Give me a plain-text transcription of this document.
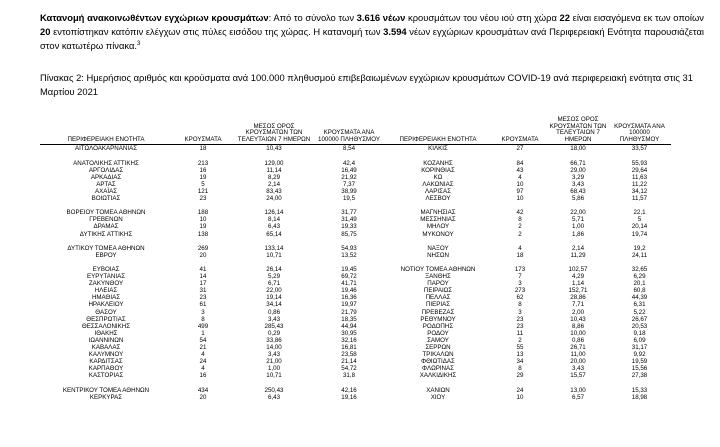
Κατανομή ανακοινωθέντων εγχώριων κρουσμάτων: Από το σύνολο των 3.616 νέων κρουσμάτων του νέου ιού στη χώρα 22 είναι εισαγόμενα εκ των οποίων 20 εντοπίστηκαν κατόπιν ελέγχων στις πύλες εισόδου της χώρας. Η κατανομή των 3.594 νέων εγχώριων κρουσμάτων ανά Περιφερειακή Ενότητα παρουσιάζεται στον κατωτέρω πίνακα.$^3$

Πίνακας 2: Ημερήσιος αριθμός και κρούσματα ανά 100.000 πληθυσμού επιβεβαιωμένων εγχώριων κρουσμάτων COVID-19 ανά περιφερειακή ενότητα στις 31 Μαρτίου 2021

ΠΕΡΙΦΕΡΕΙΑΚΗ ΕΝΟΤΗΤΑ	ΚΡΟΥΣΜΑΤΑ	ΜΕΣΟΣ ΟΡΟΣ ΚΡΟΥΣΜΑΤΩΝ ΤΩΝ ΤΕΛΕΥΤΑΙΩΝ 7 ΗΜΕΡΩΝ	ΚΡΟΥΣΜΑΤΑ ΑΝΑ 100000 ΠΛΗΘΥΣΜΟΥ	ΠΕΡΙΦΕΡΕΙΑΚΗ ΕΝΟΤΗΤΑ	ΚΡΟΥΣΜΑΤΑ	ΜΕΣΟΣ ΟΡΟΣ ΚΡΟΥΣΜΑΤΩΝ ΤΩΝ ΤΕΛΕΥΤΑΙΩΝ 7 ΗΜΕΡΩΝ	ΚΡΟΥΣΜΑΤΑ ΑΝΑ 100000 ΠΛΗΘΥΣΜΟΥ
ΑΙΤΩΛΟΑΚΑΡΝΑΝΙΑΣ	18	10,43	8,54	ΚΙΛΚΙΣ	27	18,00	33,57

ΑΝΑΤΟΛΙΚΗΣ ΑΤΤΙΚΗΣ	213	129,00	42,4	ΚΟΖΑΝΗΣ	84	66,71	55,93
ΑΡΓΟΛΙΔΑΣ	16	11,14	16,49	ΚΟΡΙΝΘΙΑΣ	43	29,00	29,64
ΑΡΚΑΔΙΑΣ	19	8,29	21,92	ΚΩ	4	3,29	11,63
ΑΡΤΑΣ	5	2,14	7,37	ΛΑΚΩΝΙΑΣ	10	3,43	11,22
ΑΧΑΪΑΣ	121	83,43	38,99	ΛΑΡΙΣΑΣ	97	68,43	34,12
ΒΟΙΩΤΙΑΣ	23	24,00	19,5	ΛΕΣΒΟΥ	10	5,86	11,57

ΒΟΡΕΙΟΥ ΤΟΜΕΑ ΑΘΗΝΩΝ	188	126,14	31,77	ΜΑΓΝΗΣΙΑΣ	42	22,00	22,1
ΓΡΕΒΕΝΩΝ	10	8,14	31,49	ΜΕΣΣΗΝΙΑΣ	8	5,71	5
ΔΡΑΜΑΣ	19	6,43	19,33	ΜΗΛΟΥ	2	1,00	20,14
ΔΥΤΙΚΗΣ ΑΤΤΙΚΗΣ	138	65,14	85,75	ΜΥΚΟΝΟΥ	2	1,86	19,74

ΔΥΤΙΚΟΥ ΤΟΜΕΑ ΑΘΗΝΩΝ	269	133,14	54,93	ΝΑΞΟΥ	4	2,14	19,2
ΕΒΡΟΥ	20	10,71	13,52	ΝΗΣΩΝ	18	11,29	24,11

ΕΥΒΟΙΑΣ	41	26,14	19,45	ΝΟΤΙΟΥ ΤΟΜΕΑ ΑΘΗΝΩΝ	173	102,57	32,65
ΕΥΡΥΤΑΝΙΑΣ	14	5,29	69,72	ΞΑΝΘΗΣ	7	4,29	6,29
ΖΑΚΥΝΘΟΥ	17	6,71	41,71	ΠΑΡΟΥ	3	1,14	20,1
ΗΛΕΙΑΣ	31	22,00	19,46	ΠΕΙΡΑΙΩΣ	273	152,71	60,8
ΗΜΑΘΙΑΣ	23	19,14	16,36	ΠΕΛΛΑΣ	62	28,86	44,39
ΗΡΑΚΛΕΙΟΥ	61	34,14	19,97	ΠΙΕΡΙΑΣ	8	7,71	6,31
ΘΑΣΟΥ	3	0,86	21,79	ΠΡΕΒΕΖΑΣ	3	2,00	5,22
ΘΕΣΠΡΩΤΙΑΣ	8	3,43	18,35	ΡΕΘΥΜΝΟΥ	23	10,43	26,67
ΘΕΣΣΑΛΟΝΙΚΗΣ	499	285,43	44,94	ΡΟΔΟΠΗΣ	23	8,86	20,53
ΙΘΑΚΗΣ	1	0,29	30,95	ΡΟΔΟΥ	11	10,00	9,18
ΙΩΑΝΝΙΝΩΝ	54	33,86	32,16	ΣΑΜΟΥ	2	0,86	6,09
ΚΑΒΑΛΑΣ	21	14,00	16,81	ΣΕΡΡΩΝ	55	26,71	31,17
ΚΑΛΥΜΝΟΥ	4	3,43	23,58	ΤΡΙΚΑΛΩΝ	13	11,00	9,92
ΚΑΡΔΙΤΣΑΣ	24	21,00	21,14	ΦΘΙΩΤΙΔΑΣ	34	20,00	19,59
ΚΑΡΠΑΘΟΥ	4	1,00	54,72	ΦΛΩΡΙΝΑΣ	8	3,43	15,56
ΚΑΣΤΟΡΙΑΣ	16	10,71	31,8	ΧΑΛΚΙΔΙΚΗΣ	29	15,57	27,38

ΚΕΝΤΡΙΚΟΥ ΤΟΜΕΑ ΑΘΗΝΩΝ	434	250,43	42,16	ΧΑΝΙΩΝ	24	13,00	15,33
ΚΕΡΚΥΡΑΣ	20	6,43	19,16	ΧΙΟΥ	10	6,57	18,98
